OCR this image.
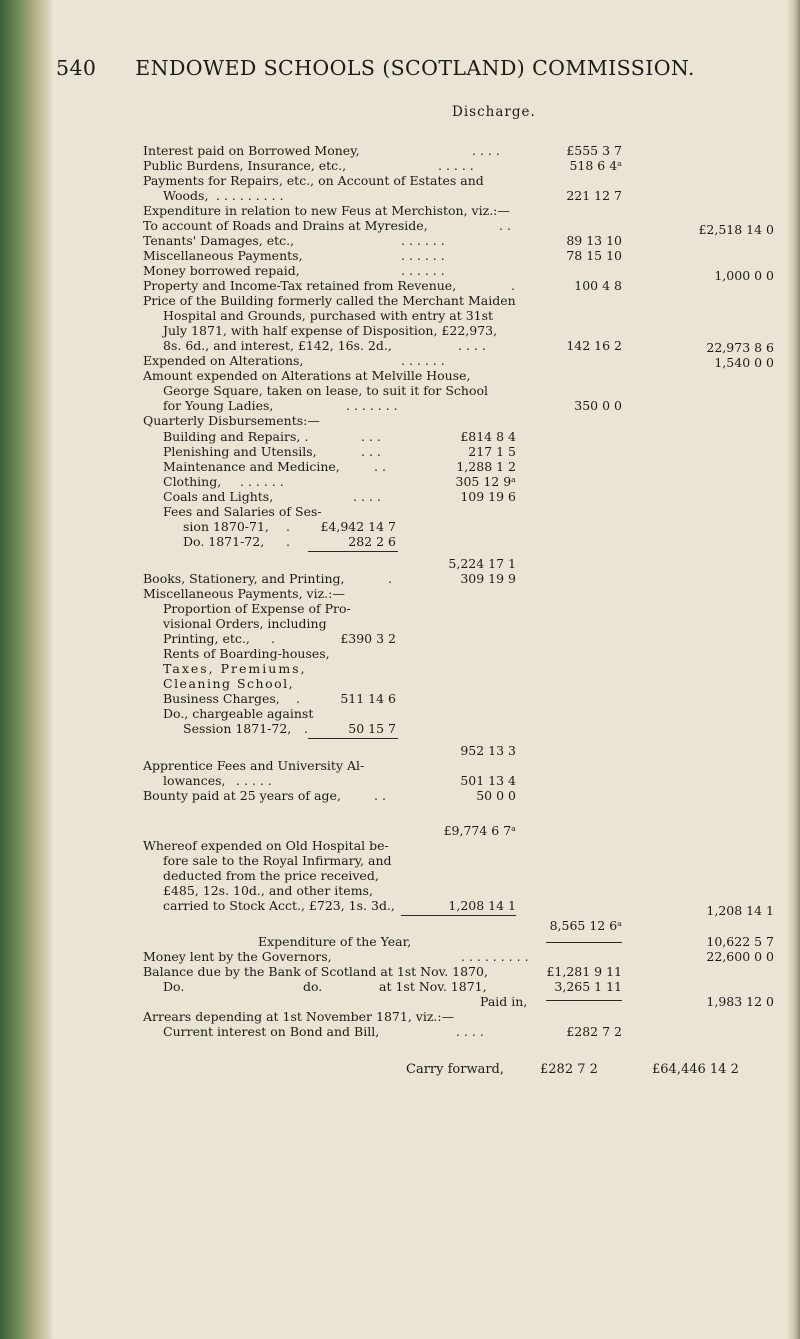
540 ENDOWED SCHOOLS (SCOTLAND) COMMISSION.
Discharge.
Interest paid on Borrowed Money,	. . . .	£555 3 7
Public Burdens, Insurance, etc.,	. . . . .	518 6 4ᵃ
Payments for Repairs, etc., on Account of Estates and
Woods, . . . . . . . . .	221 12 7
Expenditure in relation to new Feus at Merchiston, viz.:—
To account of Roads and Drains at Myreside,	. .	£2,518 14 0
Tenants' Damages, etc.,	. . . . . .	89 13 10
Miscellaneous Payments,	. . . . . .	78 15 10
Money borrowed repaid,	. . . . . .	1,000 0 0
Property and Income-Tax retained from Revenue,	.	100 4 8
Price of the Building formerly called the Merchant Maiden
Hospital and Grounds, purchased with entry at 31st
July 1871, with half expense of Disposition, £22,973,
8s. 6d., and interest, £142, 16s. 2d.,	. . . .	142 16 2	22,973 8 6
Expended on Alterations,	. . . . . .	1,540 0 0
Amount expended on Alterations at Melville House,
George Square, taken on lease, to suit it for School
for Young Ladies,	. . . . . . .	350 0 0
Quarterly Disbursements:—
Building and Repairs, .	. . .	£814 8 4
Plenishing and Utensils,	. . .	217 1 5
Maintenance and Medicine,	. .	1,288 1 2
Clothing, . . . . . .	305 12 9ᵃ
Coals and Lights,	. . . .	109 19 6
Fees and Salaries of Ses-
sion 1870-71, .	£4,942 14 7
Do. 1871-72, .	282 2 6
5,224 17 1
Books, Stationery, and Printing,	.	309 19 9
Miscellaneous Payments, viz.:—
Proportion of Expense of Pro-
visional Orders, including
Printing, etc., .	£390 3 2
Rents of Boarding-houses,
Taxes, Premiums,
Cleaning School,
Business Charges, .	511 14 6
Do., chargeable against
Session 1871-72, .	50 15 7
952 13 3
Apprentice Fees and University Al-
lowances, . . . . .	501 13 4
Bounty paid at 25 years of age,	. .	50 0 0
£9,774 6 7ᵃ
Whereof expended on Old Hospital be-
fore sale to the Royal Infirmary, and
deducted from the price received,
£485, 12s. 10d., and other items,
carried to Stock Acct., £723, 1s. 3d.,	1,208 14 1	1,208 14 1
8,565 12 6ᵃ
Expenditure of the Year,	10,622 5 7
Money lent by the Governors,	. . . . . . . . .	22,600 0 0
Balance due by the Bank of Scotland at 1st Nov. 1870,	£1,281 9 11
Do.	do.	at 1st Nov. 1871,	3,265 1 11
Paid in,	1,983 12 0
Arrears depending at 1st November 1871, viz.:—
Current interest on Bond and Bill,	. . . .	£282 7 2
Carry forward,	£282 7 2	£64,446 14 2
